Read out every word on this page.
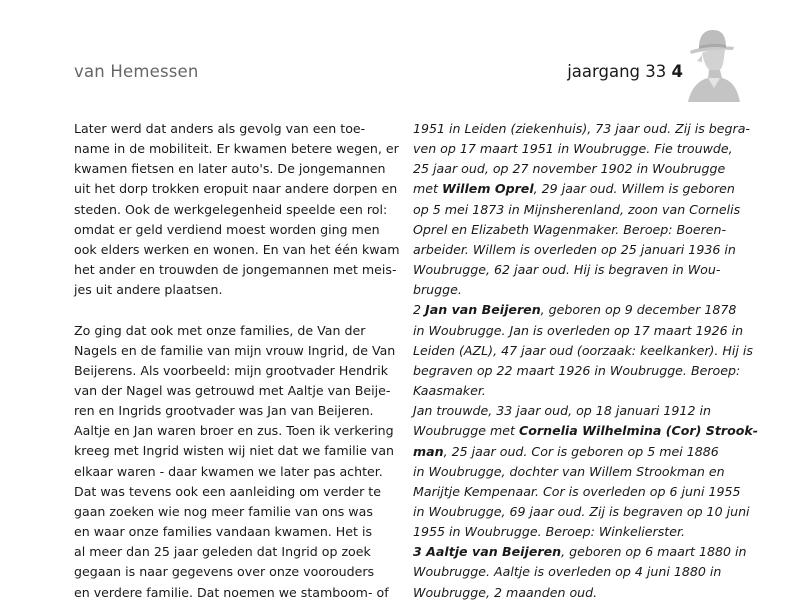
van Hemessen	jaargang 33 4
Later werd dat anders als gevolg van een toe-
name in de mobiliteit. Er kwamen betere wegen, er
kwamen fietsen en later auto's. De jongemannen
uit het dorp trokken eropuit naar andere dorpen en
steden. Ook de werkgelegenheid speelde een rol:
omdat er geld verdiend moest worden ging men
ook elders werken en wonen. En van het één kwam
het ander en trouwden de jongemannen met meis-
jes uit andere plaatsen.
Zo ging dat ook met onze families, de Van der
Nagels en de familie van mijn vrouw Ingrid, de Van
Beijerens. Als voorbeeld: mijn grootvader Hendrik
van der Nagel was getrouwd met Aaltje van Beije-
ren en Ingrids grootvader was Jan van Beijeren.
Aaltje en Jan waren broer en zus. Toen ik verkering
kreeg met Ingrid wisten wij niet dat we familie van
elkaar waren - daar kwamen we later pas achter.
Dat was tevens ook een aanleiding om verder te
gaan zoeken wie nog meer familie van ons was
en waar onze families vandaan kwamen. Het is
al meer dan 25 jaar geleden dat Ingrid op zoek
gegaan is naar gegevens over onze voorouders
en verdere familie. Dat noemen we stamboom- of
1951 in Leiden (ziekenhuis), 73 jaar oud. Zij is begra-
ven op 17 maart 1951 in Woubrugge. Fie trouwde,
25 jaar oud, op 27 november 1902 in Woubrugge
met Willem Oprel, 29 jaar oud. Willem is geboren
op 5 mei 1873 in Mijnsherenland, zoon van Cornelis
Oprel en Elizabeth Wagenmaker. Beroep: Boeren-
arbeider. Willem is overleden op 25 januari 1936 in
Woubrugge, 62 jaar oud. Hij is begraven in Wou-
brugge.
2 Jan van Beijeren, geboren op 9 december 1878
in Woubrugge. Jan is overleden op 17 maart 1926 in
Leiden (AZL), 47 jaar oud (oorzaak: keelkanker). Hij is
begraven op 22 maart 1926 in Woubrugge. Beroep:
Kaasmaker.
Jan trouwde, 33 jaar oud, op 18 januari 1912 in
Woubrugge met Cornelia Wilhelmina (Cor) Strook-
man, 25 jaar oud. Cor is geboren op 5 mei 1886
in Woubrugge, dochter van Willem Strookman en
Marijtje Kempenaar. Cor is overleden op 6 juni 1955
in Woubrugge, 69 jaar oud. Zij is begraven op 10 juni
1955 in Woubrugge. Beroep: Winkelierster.
3 Aaltje van Beijeren, geboren op 6 maart 1880 in
Woubrugge. Aaltje is overleden op 4 juni 1880 in
Woubrugge, 2 maanden oud.
